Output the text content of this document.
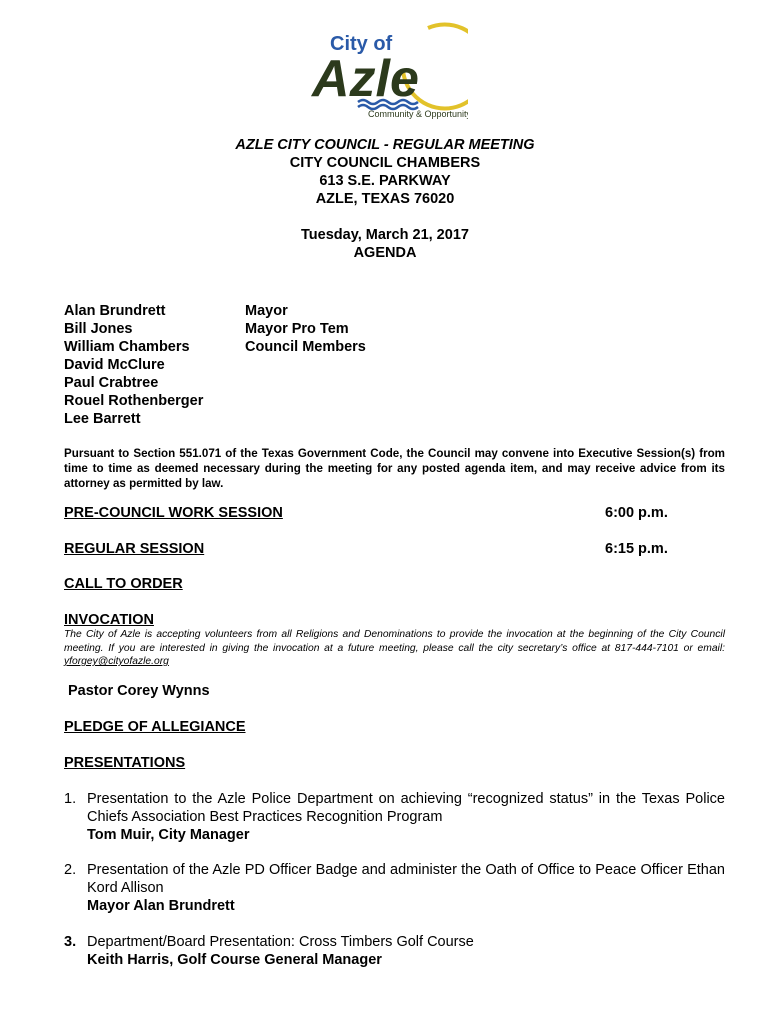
City of
Azle
Community & Opportunity
AZLE CITY COUNCIL - REGULAR MEETING
CITY COUNCIL CHAMBERS
613 S.E. PARKWAY
AZLE, TEXAS 76020
Tuesday, March 21, 2017
AGENDA
Alan Brundrett
Bill Jones
William Chambers
David McClure
Paul Crabtree
Rouel Rothenberger
Lee Barrett
Mayor
Mayor Pro Tem
Council Members
Pursuant to Section 551.071 of the Texas Government Code, the Council may convene into Executive Session(s) from time to time as deemed necessary during the meeting for any posted agenda item, and may receive advice from its attorney as permitted by law.
PRE-COUNCIL WORK SESSION	6:00 p.m.
REGULAR SESSION	6:15 p.m.
CALL TO ORDER
INVOCATION
The City of Azle is accepting volunteers from all Religions and Denominations to provide the invocation at the beginning of the City Council meeting. If you are interested in giving the invocation at a future meeting, please call the city secretary’s office at 817-444-7101 or email: yforgey@cityofazle.org
Pastor Corey Wynns
PLEDGE OF ALLEGIANCE
PRESENTATIONS
1. Presentation to the Azle Police Department on achieving “recognized status” in the Texas Police Chiefs Association Best Practices Recognition Program
Tom Muir, City Manager
2. Presentation of the Azle PD Officer Badge and administer the Oath of Office to Peace Officer Ethan Kord Allison
Mayor Alan Brundrett
3. Department/Board Presentation: Cross Timbers Golf Course
Keith Harris, Golf Course General Manager
